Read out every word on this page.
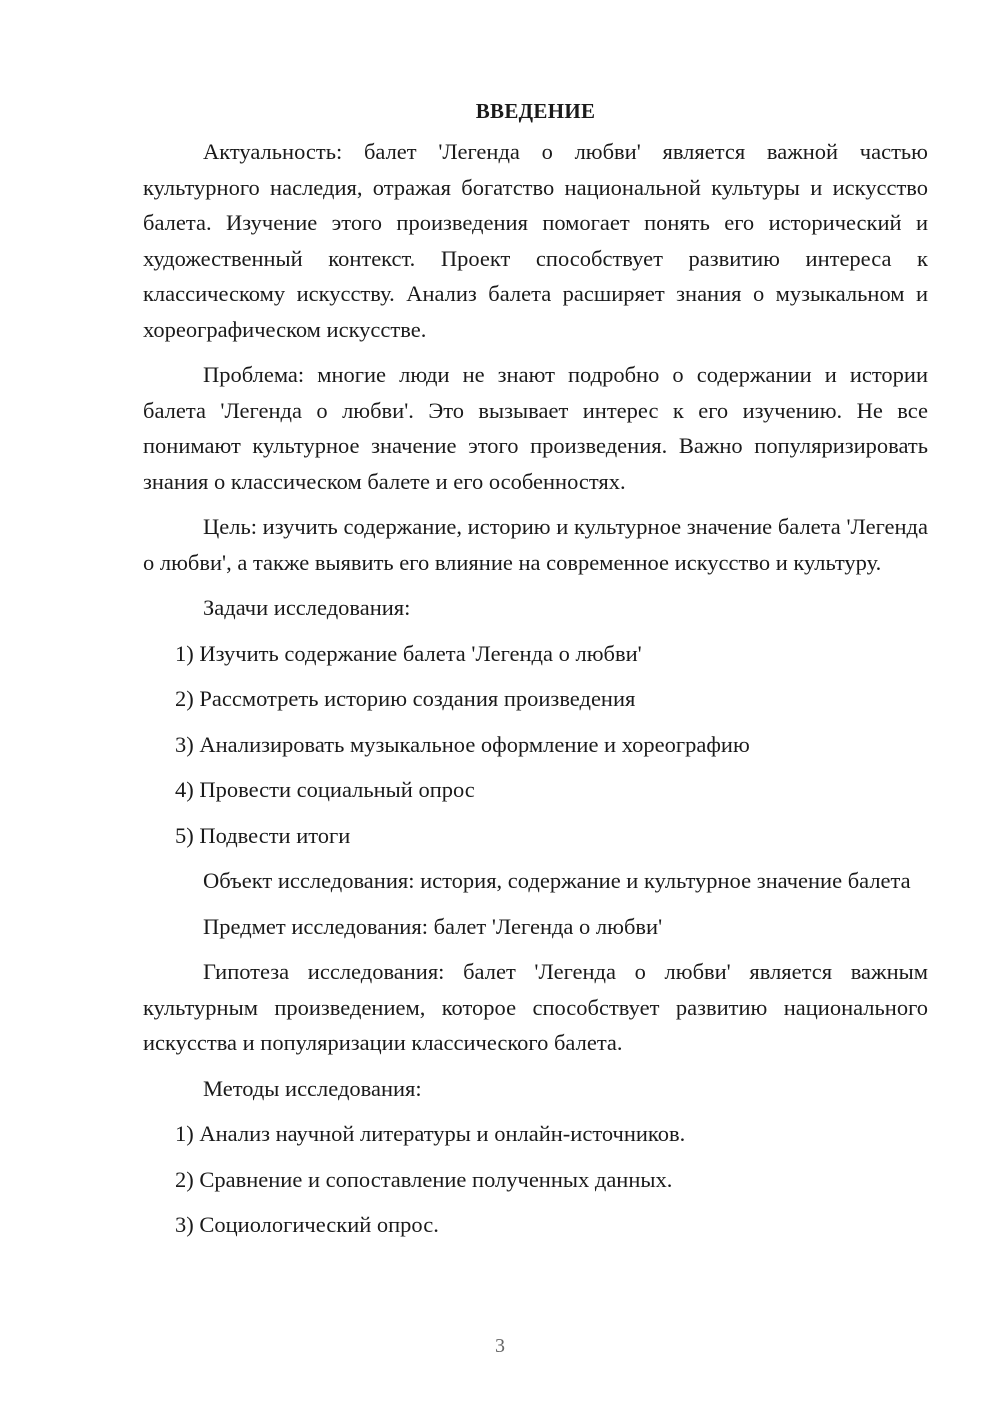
ВВЕДЕНИЕ

Актуальность: балет 'Легенда о любви' является важной частью культурного наследия, отражая богатство национальной культуры и искусство балета. Изучение этого произведения помогает понять его исторический и художественный контекст. Проект способствует развитию интереса к классическому искусству. Анализ балета расширяет знания о музыкальном и хореографическом искусстве.

Проблема: многие люди не знают подробно о содержании и истории балета 'Легенда о любви'. Это вызывает интерес к его изучению. Не все понимают культурное значение этого произведения. Важно популяризировать знания о классическом балете и его особенностях.

Цель: изучить содержание, историю и культурное значение балета 'Легенда о любви', а также выявить его влияние на современное искусство и культуру.

Задачи исследования:
1) Изучить содержание балета 'Легенда о любви'
2) Рассмотреть историю создания произведения
3) Анализировать музыкальное оформление и хореографию
4) Провести социальный опрос
5) Подвести итоги

Объект исследования: история, содержание и культурное значение балета

Предмет исследования: балет 'Легенда о любви'

Гипотеза исследования: балет 'Легенда о любви' является важным культурным произведением, которое способствует развитию национального искусства и популяризации классического балета.

Методы исследования:
1) Анализ научной литературы и онлайн-источников.
2) Сравнение и сопоставление полученных данных.
3) Социологический опрос.
3
